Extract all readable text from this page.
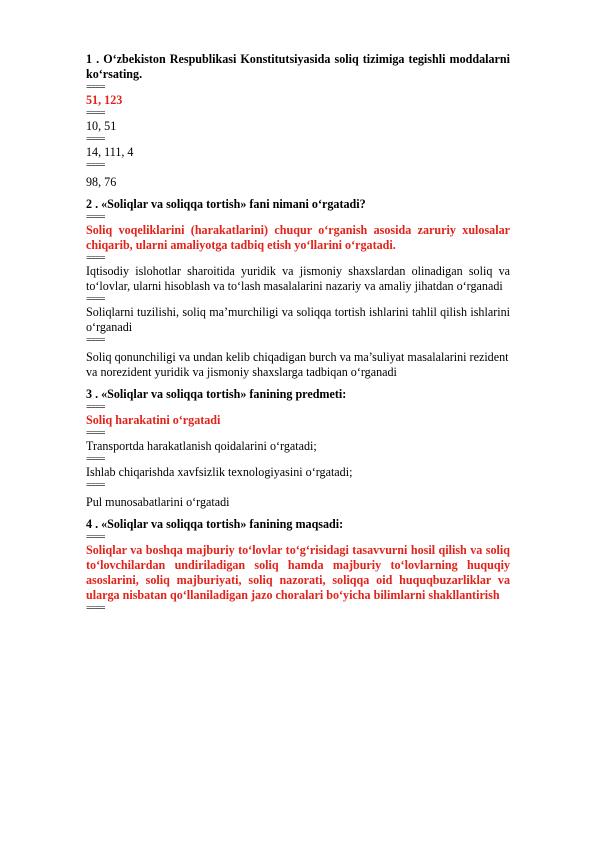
1 . O‘zbekiston Respublikasi Konstitutsiyasida soliq tizimiga tegishli moddalarni ko‘rsating.

====

51, 123

====

10, 51

====

14, 111, 4

====

98, 76

2 . «Soliqlar va soliqqa tortish» fani nimani o‘rgatadi?

====

Soliq voqeliklarini (harakatlarini) chuqur o‘rganish asosida zaruriy xulosalar chiqarib, ularni amaliyotga tadbiq etish yo‘llarini o‘rgatadi.

====

Iqtisodiy islohotlar sharoitida yuridik va jismoniy shaxslardan olinadigan soliq va to‘lovlar, ularni hisoblash va to‘lash masalalarini nazariy va amaliy jihatdan o‘rganadi

====

Soliqlarni tuzilishi, soliq ma’murchiligi va soliqqa tortish ishlarini tahlil qilish ishlarini o‘rganadi

====

Soliq qonunchiligi va undan kelib chiqadigan burch va ma’suliyat masalalarini rezident va norezident yuridik va jismoniy shaxslarga tadbiqan o‘rganadi

3 . «Soliqlar va soliqqa tortish» fanining predmeti:

====

Soliq harakatini o‘rgatadi

====

Transportda harakatlanish qoidalarini o‘rgatadi;

====

Ishlab chiqarishda xavfsizlik texnologiyasini o‘rgatadi;

====

Pul munosabatlarini o‘rgatadi

4 . «Soliqlar va soliqqa tortish» fanining maqsadi:

====

Soliqlar va boshqa majburiy to‘lovlar to‘g‘risidagi tasavvurni hosil qilish va soliq to‘lovchilardan undiriladigan soliq hamda majburiy to‘lovlarning huquqiy asoslarini, soliq majburiyati, soliq nazorati, soliqqa oid huquqbuzarliklar va ularga nisbatan qo‘llaniladigan jazo choralari bo‘yicha bilimlarni shakllantirish

====
